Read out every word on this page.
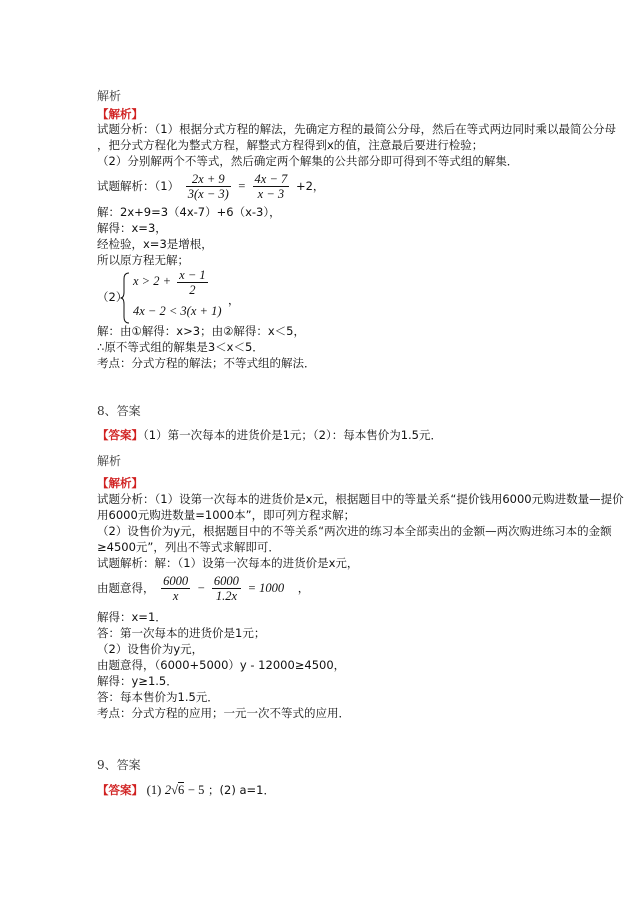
解析
【解析】
试题分析：（1）根据分式方程的解法，先确定方程的最简公分母，然后在等式两边同时乘以最简公分母
，把分式方程化为整式方程，解整式方程得到x的值，注意最后要进行检验；
（2）分别解两个不等式，然后确定两个解集的公共部分即可得到不等式组的解集．
试题解析：$(1) \frac{2x + 9}{3(x - 3)} = \frac{4x - 7}{x - 3} +2$，
解：2x+9=3（4x-7）+6（x-3），
解得：x=3，
经检验，x=3是增根，
所以原方程无解；
（2）
$x > 2 + \frac{x - 1}{2}$
4x − 2 < 3(x + 1)
，
解：由①解得：x>3；由②解得：x＜5，
∴原不等式组的解集是3＜x＜5．
考点：分式方程的解法；不等式组的解法．
8、答案
【答案】（1）第一次每本的进货价是1元；（2）：每本售价为1.5元．
解析
【解析】
试题分析：（1）设第一次每本的进货价是x元，根据题目中的等量关系“提价钱用6000元购进数量—提价
用6000元购进数量=1000本”，即可列方程求解；
（2）设售价为y元，根据题目中的不等关系“两次进的练习本全部卖出的金额—两次购进练习本的金额
≥4500元”，列出不等式求解即可．
试题解析：解：（1）设第一次每本的进货价是x元，
由题意得， $\frac{6000}{x} - \frac{6000}{1.2x} = 1000$ ，
解得：x=1．
答：第一次每本的进货价是1元；
（2）设售价为y元，
由题意得，（6000+5000）y - 12000≥4500，
解得：y≥1.5．
答：每本售价为1.5元．
考点：分式方程的应用；一元一次不等式的应用．
9、答案
【答案】 (1) 2√6 − 5 ；(2) a=1．
